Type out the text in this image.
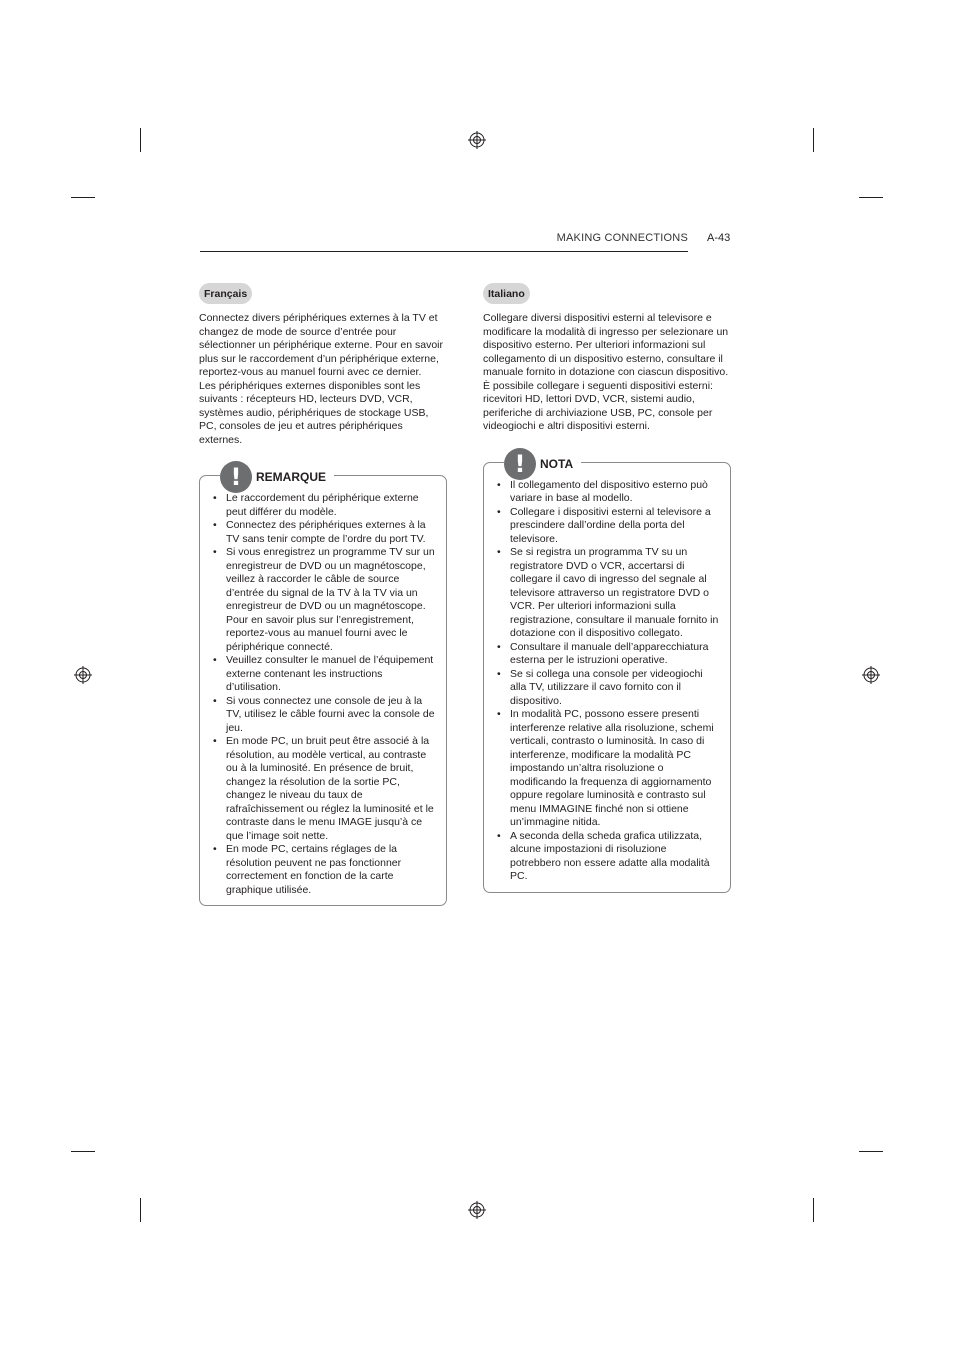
MAKING CONNECTIONS A-43
Français

Connectez divers périphériques externes à la TV et changez de mode de source d’entrée pour sélectionner un périphérique externe. Pour en savoir plus sur le raccordement d’un périphérique externe, reportez-vous au manuel fourni avec ce dernier.

Les périphériques externes disponibles sont les suivants : récepteurs HD, lecteurs DVD, VCR, systèmes audio, périphériques de stockage USB, PC, consoles de jeu et autres périphériques externes.

! REMARQUE
• Le raccordement du périphérique externe peut différer du modèle.
• Connectez des périphériques externes à la TV sans tenir compte de l’ordre du port TV.
• Si vous enregistrez un programme TV sur un enregistreur de DVD ou un magnétoscope, veillez à raccorder le câble de source d’entrée du signal de la TV à la TV via un enregistreur de DVD ou un magnétoscope. Pour en savoir plus sur l’enregistrement, reportez-vous au manuel fourni avec le périphérique connecté.
• Veuillez consulter le manuel de l’équipement externe contenant les instructions d’utilisation.
• Si vous connectez une console de jeu à la TV, utilisez le câble fourni avec la console de jeu.
• En mode PC, un bruit peut être associé à la résolution, au modèle vertical, au contraste ou à la luminosité. En présence de bruit, changez la résolution de la sortie PC, changez le niveau du taux de rafraîchissement ou réglez la luminosité et le contraste dans le menu IMAGE jusqu’à ce que l’image soit nette.
• En mode PC, certains réglages de la résolution peuvent ne pas fonctionner correctement en fonction de la carte graphique utilisée.
Italiano

Collegare diversi dispositivi esterni al televisore e modificare la modalità di ingresso per selezionare un dispositivo esterno. Per ulteriori informazioni sul collegamento di un dispositivo esterno, consultare il manuale fornito in dotazione con ciascun dispositivo.

È possibile collegare i seguenti dispositivi esterni: ricevitori HD, lettori DVD, VCR, sistemi audio, periferiche di archiviazione USB, PC, console per videogiochi e altri dispositivi esterni.

! NOTA
• Il collegamento del dispositivo esterno può variare in base al modello.
• Collegare i dispositivi esterni al televisore a prescindere dall’ordine della porta del televisore.
• Se si registra un programma TV su un registratore DVD o VCR, accertarsi di collegare il cavo di ingresso del segnale al televisore attraverso un registratore DVD o VCR. Per ulteriori informazioni sulla registrazione, consultare il manuale fornito in dotazione con il dispositivo collegato.
• Consultare il manuale dell’apparecchiatura esterna per le istruzioni operative.
• Se si collega una console per videogiochi alla TV, utilizzare il cavo fornito con il dispositivo.
• In modalità PC, possono essere presenti interferenze relative alla risoluzione, schemi verticali, contrasto o luminosità. In caso di interferenze, modificare la modalità PC impostando un’altra risoluzione o modificando la frequenza di aggiornamento oppure regolare luminosità e contrasto sul menu IMMAGINE finché non si ottiene un’immagine nitida.
• A seconda della scheda grafica utilizzata, alcune impostazioni di risoluzione potrebbero non essere adatte alla modalità PC.
